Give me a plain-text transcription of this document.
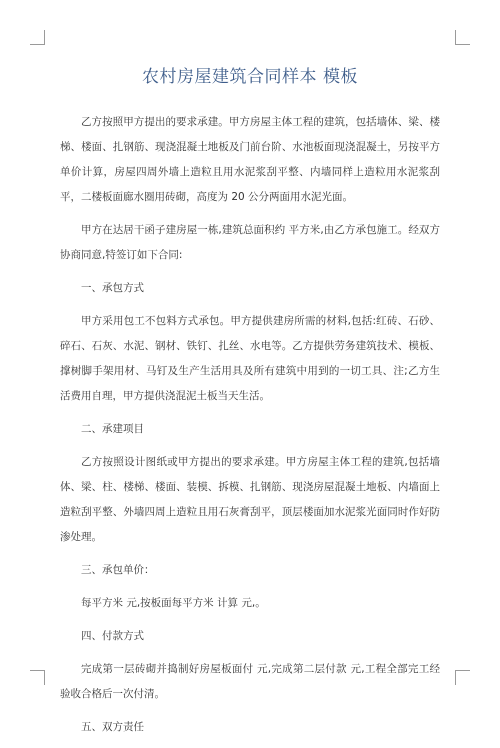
农村房屋建筑合同样本 模板

乙方按照甲方提出的要求承建。甲方房屋主体工程的建筑，包括墙体、梁、楼梯、楼面、扎钢筋、现浇混凝土地板及门前台阶、水池板面现浇混凝土，另按平方单价计算，房屋四周外墙上造粒且用水泥浆刮平整、内墙同样上造粒用水泥浆刮平，二楼板面廊水圈用砖砌，高度为 20 公分两面用水泥光面。

甲方在达居干函子建房屋一栋,建筑总面积约 平方米,由乙方承包施工。经双方协商同意,特签订如下合同:

一、承包方式

甲方采用包工不包料方式承包。甲方提供建房所需的材料,包括:红砖、石砂、碎石、石灰、水泥、钢材、铁钉、扎丝、水电等。乙方提供劳务建筑技术、模板、撑树脚手架用材、马钉及生产生活用具及所有建筑中用到的一切工具、注;乙方生活费用自理，甲方提供浇混泥土板当天生活。

二、承建项目

乙方按照设计图纸或甲方提出的要求承建。甲方房屋主体工程的建筑,包括墙体、梁、柱、楼梯、楼面、装模、拆模、扎钢筋、现浇房屋混凝土地板、内墙面上造粒刮平整、外墙四周上造粒且用石灰膏刮平，顶层楼面加水泥浆光面同时作好防渗处理。

三、承包单价：

每平方米 元,按板面每平方米 计算 元,。

四、付款方式

完成第一层砖砌并捣制好房屋板面付 元,完成第二层付款 元,工程全部完工经验收合格后一次付清。

五、双方责任
